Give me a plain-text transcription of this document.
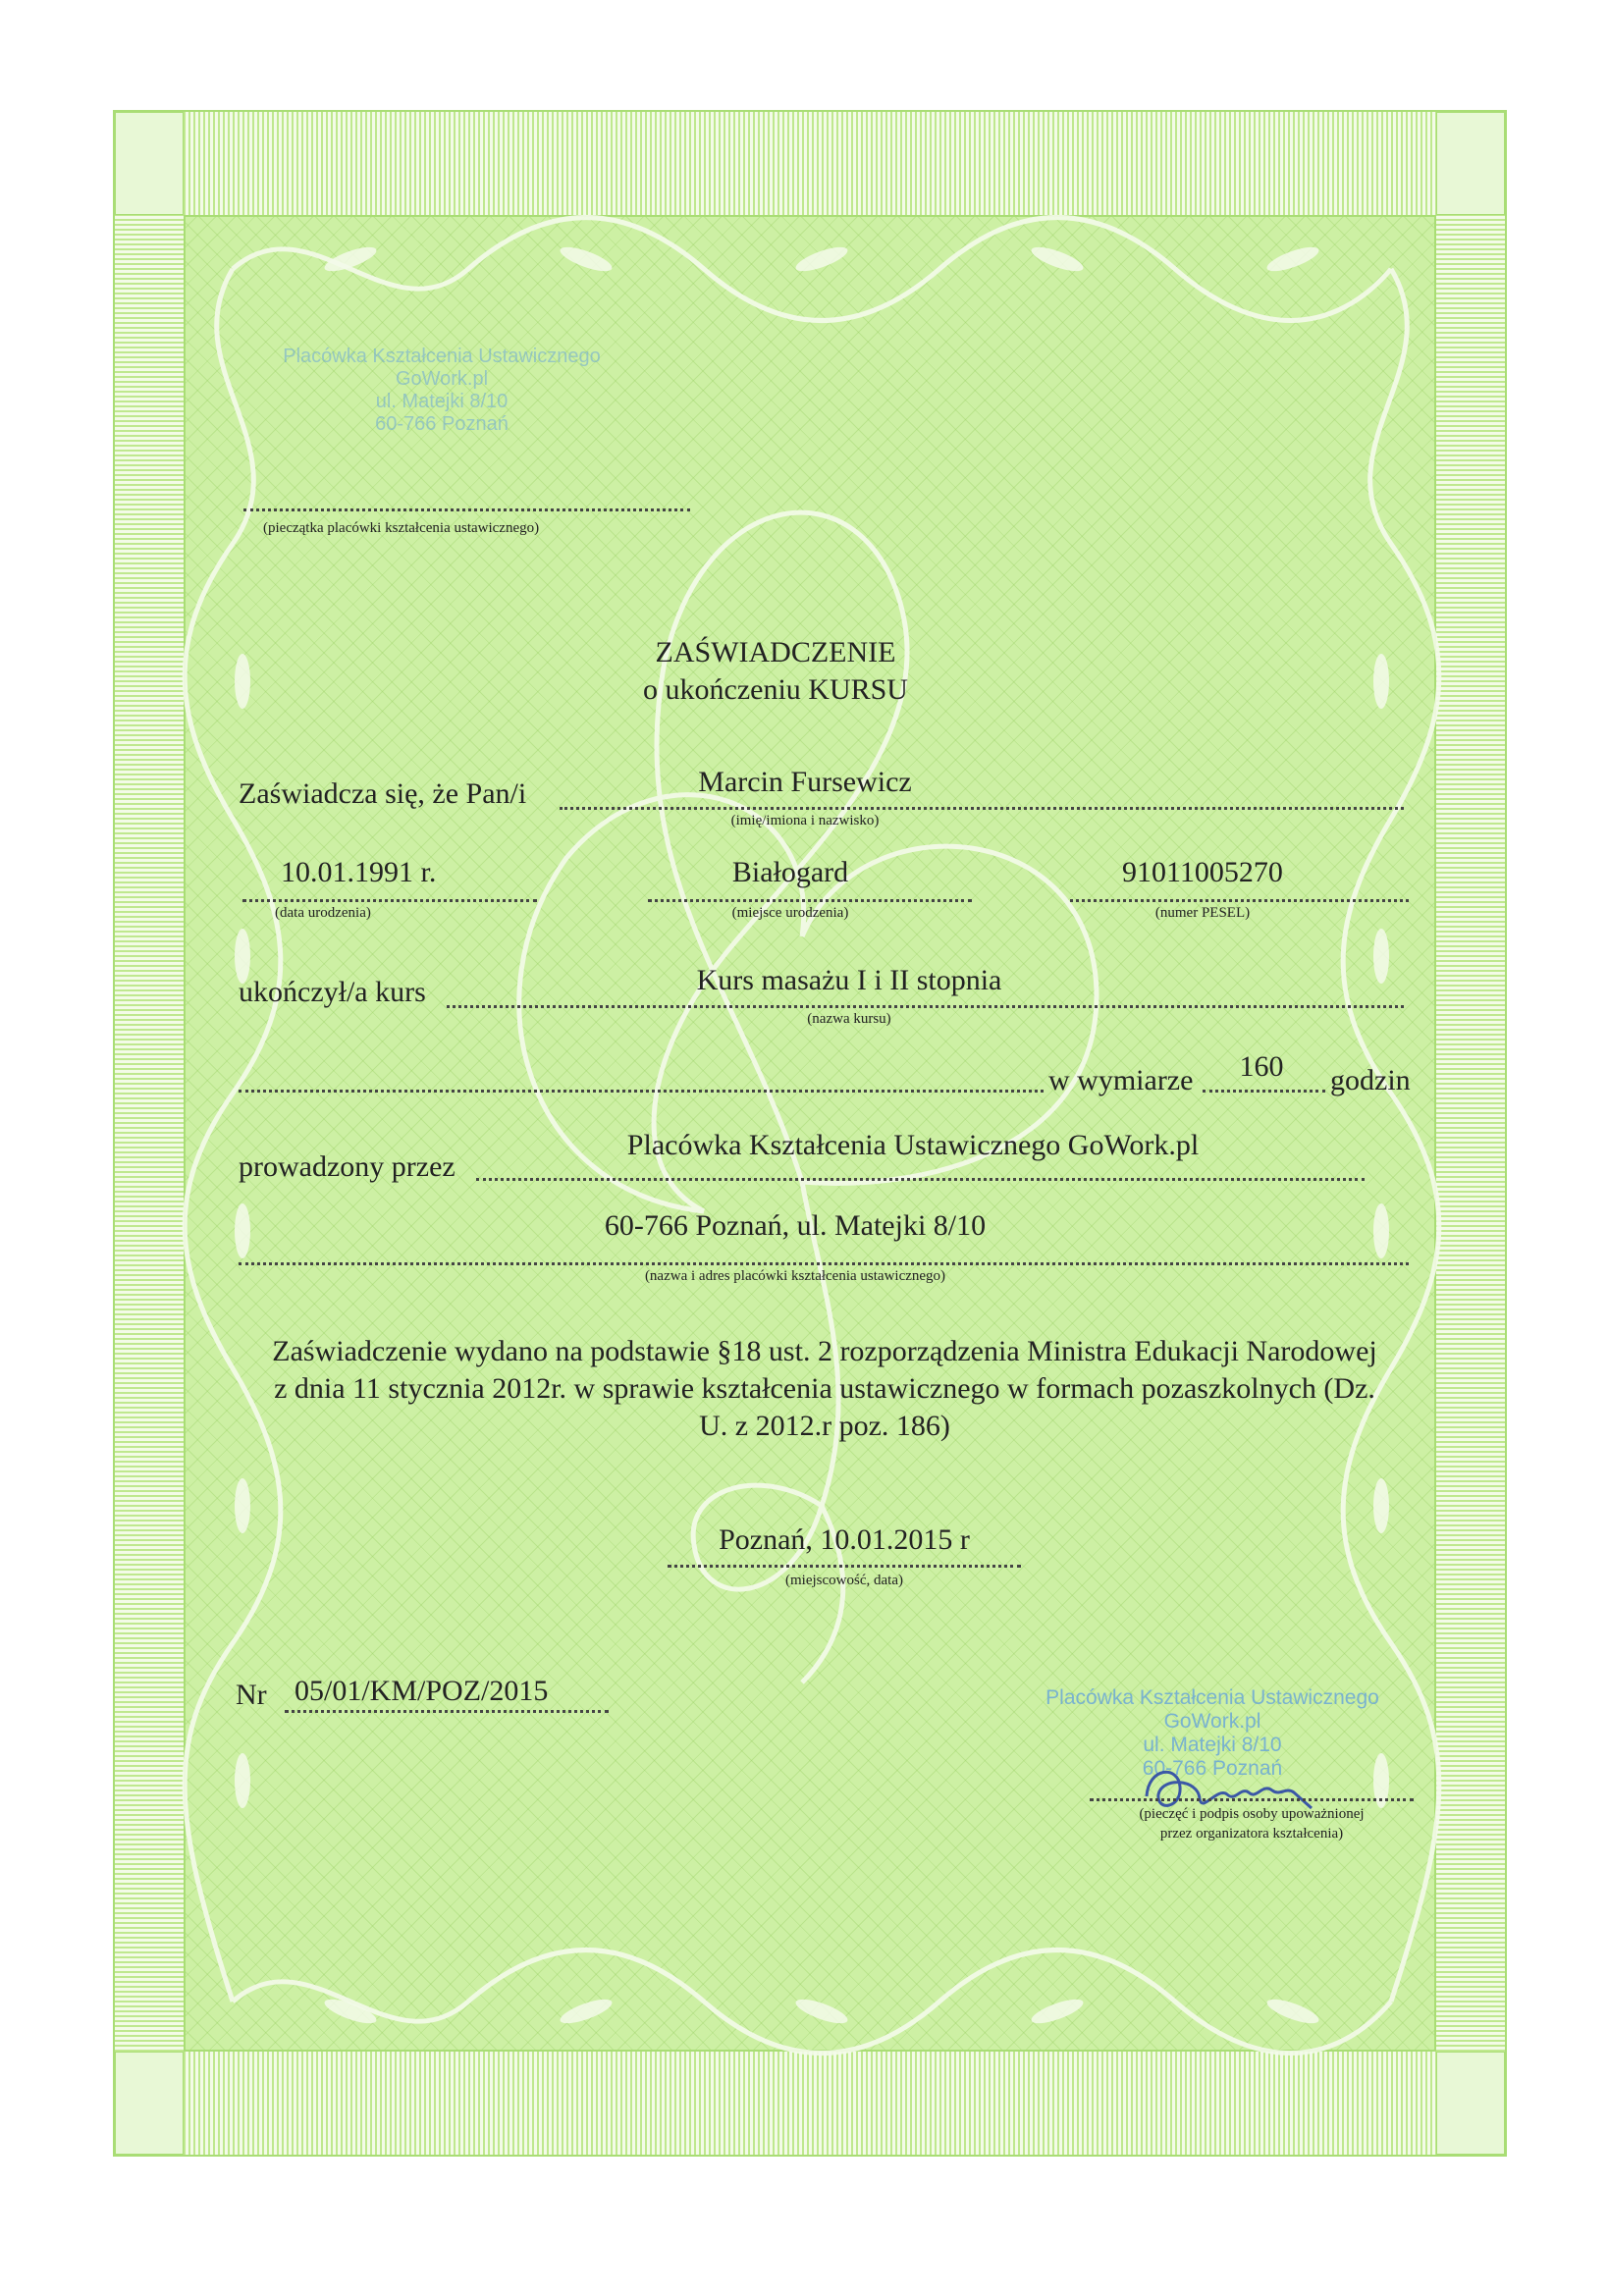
Placówka Kształcenia Ustawicznego
GoWork.pl
ul. Matejki 8/10
60-766 Poznań
(pieczątka placówki kształcenia ustawicznego)
ZAŚWIADCZENIE
o ukończeniu KURSU
Zaświadcza się, że Pan/i	Marcin Fursewicz
(imię/imiona i nazwisko)
10.01.1991 r.
(data urodzenia)
Białogard
(miejsce urodzenia)
91011005270
(numer PESEL)
ukończył/a kurs	Kurs masażu I i II stopnia
(nazwa kursu)
w wymiarze	160	godzin
prowadzony przez
Placówka Kształcenia Ustawicznego GoWork.pl
60-766 Poznań, ul. Matejki 8/10
(nazwa i adres placówki kształcenia ustawicznego)
Zaświadczenie wydano na podstawie §18 ust. 2 rozporządzenia Ministra Edukacji Narodowej
z dnia 11 stycznia 2012r. w sprawie kształcenia ustawicznego w formach pozaszkolnych (Dz.
U. z 2012.r poz. 186)
Poznań, 10.01.2015 r
(miejscowość, data)
Nr 05/01/KM/POZ/2015	Placówka Kształcenia Ustawicznego
GoWork.pl
ul. Matejki 8/10
60-766 Poznań
(pieczęć i podpis osoby upoważnionej
przez organizatora kształcenia)
